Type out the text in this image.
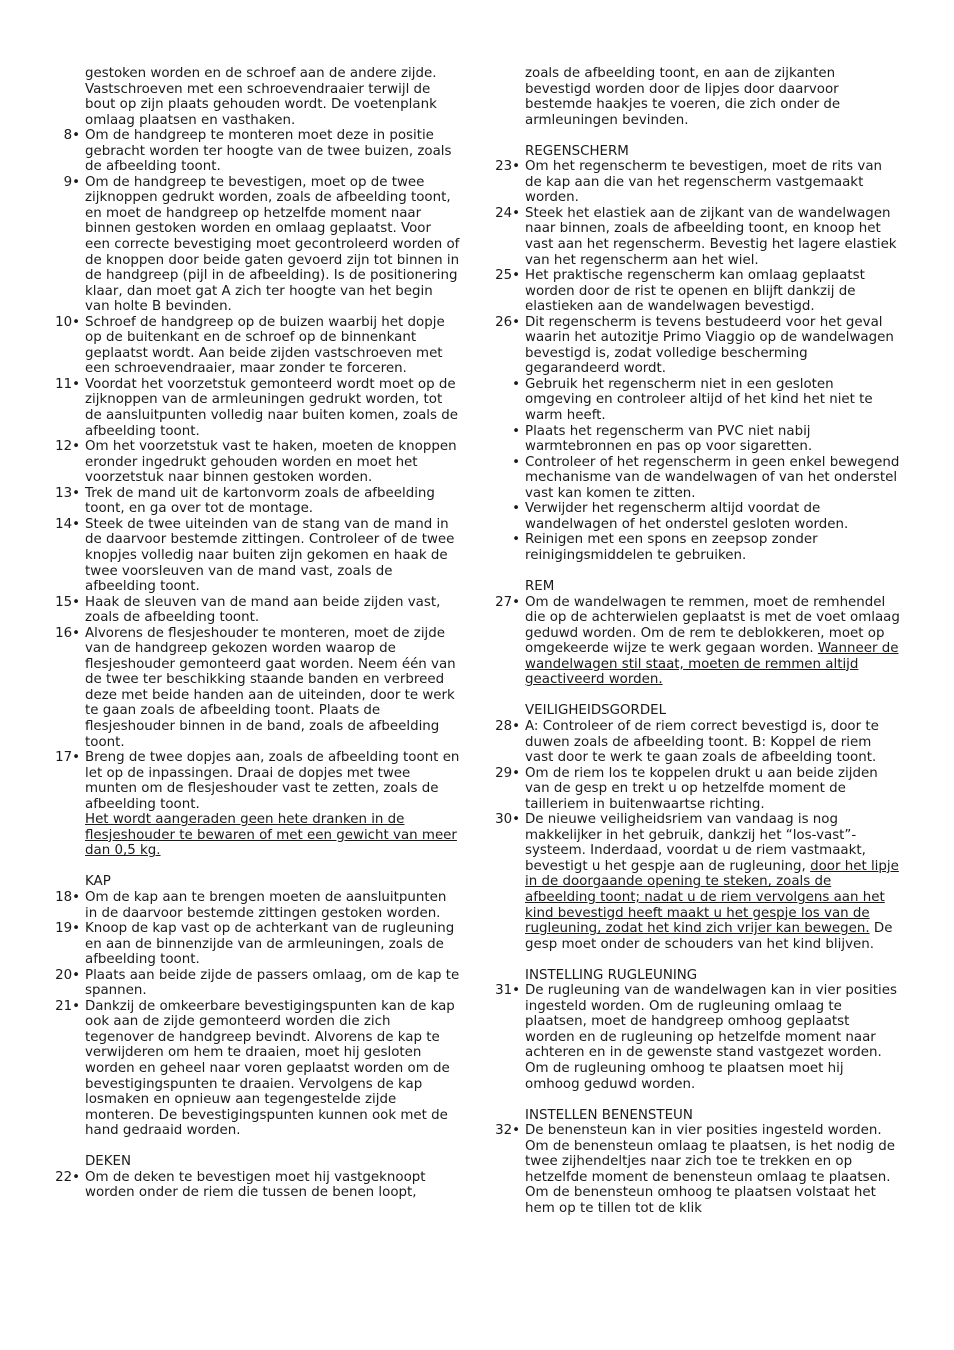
gestoken worden en de schroef aan de andere zijde. Vastschroeven met een schroevendraaier terwijl de bout op zijn plaats gehouden wordt. De voetenplank omlaag plaatsen en vasthaken.
8• Om de handgreep te monteren moet deze in positie gebracht worden ter hoogte van de twee buizen, zoals de afbeelding toont.
9• Om de handgreep te bevestigen, moet op de twee zijknoppen gedrukt worden, zoals de afbeelding toont, en moet de handgreep op hetzelfde moment naar binnen gestoken worden en omlaag geplaatst. Voor een correcte bevestiging moet gecontroleerd worden of de knoppen door beide gaten gevoerd zijn tot binnen in de handgreep (pijl in de afbeelding). Is de positionering klaar, dan moet gat A zich ter hoogte van het begin van holte B bevinden.
10• Schroef de handgreep op de buizen waarbij het dopje op de buitenkant en de schroef op de binnenkant geplaatst wordt. Aan beide zijden vastschroeven met een schroevendraaier, maar zonder te forceren.
11• Voordat het voorzetstuk gemonteerd wordt moet op de zijknoppen van de armleuningen gedrukt worden, tot de aansluitpunten volledig naar buiten komen, zoals de afbeelding toont.
12• Om het voorzetstuk vast te haken, moeten de knoppen eronder ingedrukt gehouden worden en moet het voorzetstuk naar binnen gestoken worden.
13• Trek de mand uit de kartonvorm zoals de afbeelding toont, en ga over tot de montage.
14• Steek de twee uiteinden van de stang van de mand in de daarvoor bestemde zittingen. Controleer of de twee knopjes volledig naar buiten zijn gekomen en haak de twee voorsleuven van de mand vast, zoals de afbeelding toont.
15• Haak de sleuven van de mand aan beide zijden vast, zoals de afbeelding toont.
16• Alvorens de flesjeshouder te monteren, moet de zijde van de handgreep gekozen worden waarop de flesjeshouder gemonteerd gaat worden. Neem één van de twee ter beschikking staande banden en verbreed deze met beide handen aan de uiteinden, door te werk te gaan zoals de afbeelding toont. Plaats de flesjeshouder binnen in de band, zoals de afbeelding toont.
17• Breng de twee dopjes aan, zoals de afbeelding toont en let op de inpassingen. Draai de dopjes met twee munten om de flesjeshouder vast te zetten, zoals de afbeelding toont.
Het wordt aangeraden geen hete dranken in de flesjeshouder te bewaren of met een gewicht van meer dan 0,5 kg.
KAP
18• Om de kap aan te brengen moeten de aansluitpunten in de daarvoor bestemde zittingen gestoken worden.
19• Knoop de kap vast op de achterkant van de rugleuning en aan de binnenzijde van de armleuningen, zoals de afbeelding toont.
20• Plaats aan beide zijde de passers omlaag, om de kap te spannen.
21• Dankzij de omkeerbare bevestigingspunten kan de kap ook aan de zijde gemonteerd worden die zich tegenover de handgreep bevindt. Alvorens de kap te verwijderen om hem te draaien, moet hij gesloten worden en geheel naar voren geplaatst worden om de bevestigingspunten te draaien. Vervolgens de kap losmaken en opnieuw aan tegengestelde zijde monteren. De bevestigingspunten kunnen ook met de hand gedraaid worden.
DEKEN
22• Om de deken te bevestigen moet hij vastgeknoopt worden onder de riem die tussen de benen loopt,
zoals de afbeelding toont, en aan de zijkanten bevestigd worden door de lipjes door daarvoor bestemde haakjes te voeren, die zich onder de armleuningen bevinden.
REGENSCHERM
23• Om het regenscherm te bevestigen, moet de rits van de kap aan die van het regenscherm vastgemaakt worden.
24• Steek het elastiek aan de zijkant van de wandelwagen naar binnen, zoals de afbeelding toont, en knoop het vast aan het regenscherm. Bevestig het lagere elastiek van het regenscherm aan het wiel.
25• Het praktische regenscherm kan omlaag geplaatst worden door de rist te openen en blijft dankzij de elastieken aan de wandelwagen bevestigd.
26• Dit regenscherm is tevens bestudeerd voor het geval waarin het autozitje Primo Viaggio op de wandelwagen bevestigd is, zodat volledige bescherming gegarandeerd wordt.
• Gebruik het regenscherm niet in een gesloten omgeving en controleer altijd of het kind het niet te warm heeft.
• Plaats het regenscherm van PVC niet nabij warmtebronnen en pas op voor sigaretten.
• Controleer of het regenscherm in geen enkel bewegend mechanisme van de wandelwagen of van het onderstel vast kan komen te zitten.
• Verwijder het regenscherm altijd voordat de wandelwagen of het onderstel gesloten worden.
• Reinigen met een spons en zeepsop zonder reinigingsmiddelen te gebruiken.
REM
27• Om de wandelwagen te remmen, moet de remhendel die op de achterwielen geplaatst is met de voet omlaag geduwd worden. Om de rem te deblokkeren, moet op omgekeerde wijze te werk gegaan worden. Wanneer de wandelwagen stil staat, moeten de remmen altijd geactiveerd worden.
VEILIGHEIDSGORDEL
28• A: Controleer of de riem correct bevestigd is, door te duwen zoals de afbeelding toont. B: Koppel de riem vast door te werk te gaan zoals de afbeelding toont.
29• Om de riem los te koppelen drukt u aan beide zijden van de gesp en trekt u op hetzelfde moment de tailleriem in buitenwaartse richting.
30• De nieuwe veiligheidsriem van vandaag is nog makkelijker in het gebruik, dankzij het “los-vast”-systeem. Inderdaad, voordat u de riem vastmaakt, bevestigt u het gespje aan de rugleuning, door het lipje in de doorgaande opening te steken, zoals de afbeelding toont; nadat u de riem vervolgens aan het kind bevestigd heeft maakt u het gespje los van de rugleuning, zodat het kind zich vrijer kan bewegen. De gesp moet onder de schouders van het kind blijven.
INSTELLING RUGLEUNING
31• De rugleuning van de wandelwagen kan in vier posities ingesteld worden. Om de rugleuning omlaag te plaatsen, moet de handgreep omhoog geplaatst worden en de rugleuning op hetzelfde moment naar achteren en in de gewenste stand vastgezet worden. Om de rugleuning omhoog te plaatsen moet hij omhoog geduwd worden.
INSTELLEN BENENSTEUN
32• De benensteun kan in vier posities ingesteld worden. Om de benensteun omlaag te plaatsen, is het nodig de twee zijhendeltjes naar zich toe te trekken en op hetzelfde moment de benensteun omlaag te plaatsen. Om de benensteun omhoog te plaatsen volstaat het hem op te tillen tot de klik
